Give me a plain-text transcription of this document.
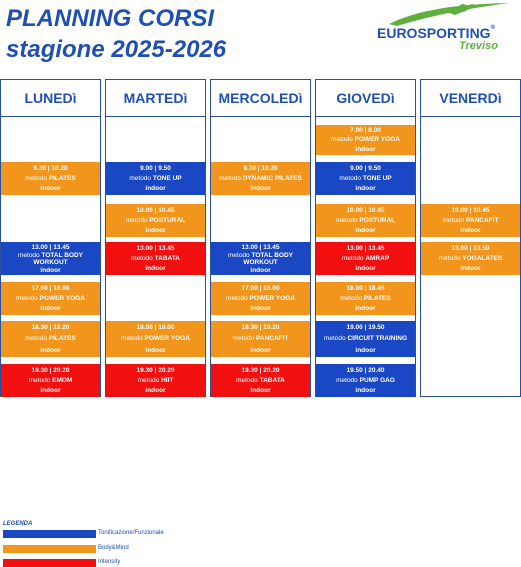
PLANNING CORSI
stagione 2025-2026
EUROSPORTING®
Treviso
LUNEDì
9.30 | 10.20
metodo PILATES
indoor
13.00 | 13.45
metodo TOTAL BODY WORKOUT
indoor
17.00 | 18.00
metodo POWER YOGA
indoor
18.30 | 19.20
metodo PILATES
indoor
19.30 | 20.20
metodo EMOM
indoor
MARTEDì
9.00 | 9.50
metodo TONE UP
indoor
10.00 | 10.45
metodo POSTURAL
indoor
13.00 | 13.45
metodo TABATA
indoor
18.00 | 19.00
metodo POWER YOGA
indoor
19.30 | 20.20
metodo HIIT
indoor
MERCOLEDì
9.30 | 10.20
metodo DYNAMIC PILATES
indoor
13.00 | 13.45
metodo TOTAL BODY WORKOUT
indoor
17.00 | 18.00
metodo POWER YOGA
indoor
18.30 | 19.20
metodo PANCAFIT
indoor
19.30 | 20.20
metodo TABATA
indoor
GIOVEDì
7.00 | 8.00
metodo POWER YOGA
indoor
9.00 | 9.50
metodo TONE UP
indoor
10.00 | 10.45
metodo POSTURAL
indoor
13.00 | 13.45
metodo AMRAP
indoor
18.00 | 18.45
metodo PILATES
indoor
19.00 | 19.50
metodo CIRCUIT TRAINING
indoor
19.50 | 20.40
metodo PUMP GAG
indoor
VENERDì
10.00 | 10.45
metodo PANCAFIT
indoor
13.00 | 13.50
metodo YOGALATES
indoor
LEGENDA
Tonificazione/Funzionale
Body&Mind
Intensity
